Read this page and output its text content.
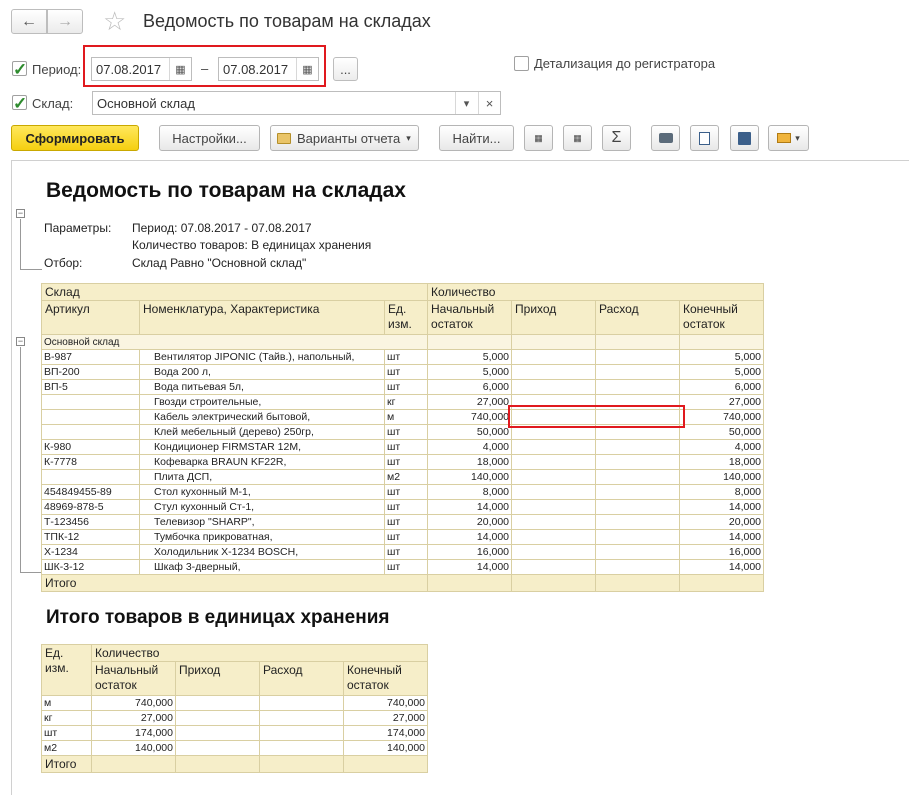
← → ☆ Ведомость по товарам на складах
✓ Период: 07.08.2017	▦	– 07.08.2017	▦	...	Детализация до регистратора
✓ Склад: Основной склад	▾	×
Сформировать	Настройки...	Варианты отчета ▾	Найти...	▦	▦	Σ	▾
−
−
Ведомость по товарам на складах
Параметры: Период: 07.08.2017 - 07.08.2017
Количество товаров: В единицах хранения
Отбор:	Склад Равно "Основной склад"
Склад			Количество			
Артикул	Номенклатура, Характеристика	Ед. изм.	Начальный остаток	Приход	Расход	Конечный остаток
Основной склад						
В-987	Вентилятор JIPONIC (Тайв.), напольный,	шт	5,000			5,000
ВП-200	Вода 200 л,	шт	5,000			5,000
ВП-5	Вода питьевая 5л,	шт	6,000			6,000
	Гвозди строительные,	кг	27,000			27,000
	Кабель электрический бытовой,	м	740,000			740,000
	Клей мебельный (дерево) 250гр,	шт	50,000			50,000
К-980	Кондиционер FIRMSTAR 12М,	шт	4,000			4,000
К-7778	Кофеварка BRAUN KF22R,	шт	18,000			18,000
	Плита ДСП,	м2	140,000			140,000
454849455-89	Стол кухонный М-1,	шт	8,000			8,000
48969-878-5	Стул кухонный Ст-1,	шт	14,000			14,000
Т-123456	Телевизор "SHARP",	шт	20,000			20,000
ТПК-12	Тумбочка прикроватная,	шт	14,000			14,000
Х-1234	Холодильник Х-1234 BOSCH,	шт	16,000			16,000
ШК-3-12	Шкаф 3-дверный,	шт	14,000			14,000
Итого						
Итого товаров в единицах хранения
Ед. изм.	Количество			
	Начальный остаток	Приход	Расход	Конечный остаток
м	740,000			740,000
кг	27,000			27,000
шт	174,000			174,000
м2	140,000			140,000
Итого				
